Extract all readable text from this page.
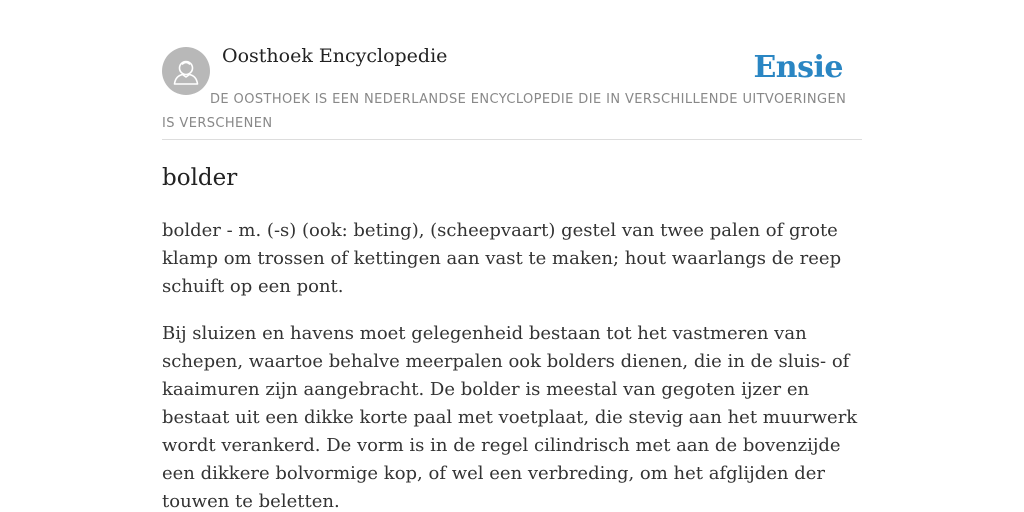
Oosthoek Encyclopedie	Ensie
DE OOSTHOEK IS EEN NEDERLANDSE ENCYCLOPEDIE DIE IN VERSCHILLENDE UITVOERINGEN IS VERSCHENEN
bolder

bolder - m. (-s) (ook: beting), (scheepvaart) gestel van twee palen of grote klamp om trossen of kettingen aan vast te maken; hout waarlangs de reep schuift op een pont.

Bij sluizen en havens moet gelegenheid bestaan tot het vastmeren van schepen, waartoe behalve meerpalen ook bolders dienen, die in de sluis- of kaaimuren zijn aangebracht. De bolder is meestal van gegoten ijzer en bestaat uit een dikke korte paal met voetplaat, die stevig aan het muurwerk wordt verankerd. De vorm is in de regel cilindrisch met aan de bovenzijde een dikkere bolvormige kop, of wel een verbreding, om het afglijden der touwen te beletten.
